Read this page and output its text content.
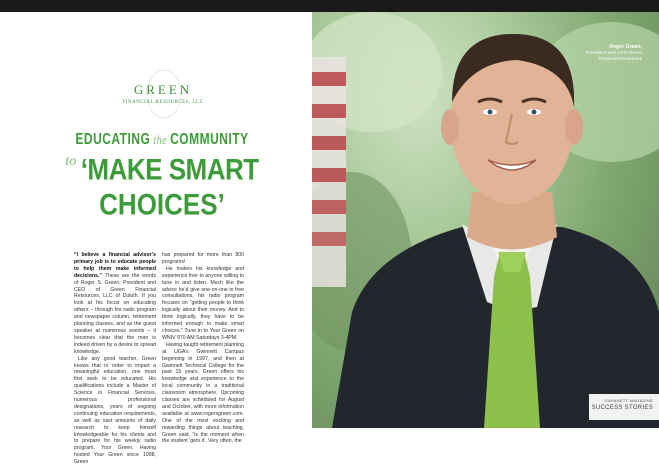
GREEN
FINANCIAL RESOURCES, LLC
EDUCATING the COMMUNITY
to ‘MAKE SMART
CHOICES’

“I believe a financial advisor’s primary job is to educate people to help them make informed decisions.” These are the words of Roger S. Green, President and CEO of Green Financial Resources, LLC of Duluth. If you look at his focus on educating others – through his radio program and newspaper column, retirement planning classes, and as the guest speaker at numerous events – it becomes clear that the man is indeed driven by a desire to spread knowledge.

Like any good teacher, Green knows that in order to impart a meaningful education, one must first seek to be educated. His qualifications include a Master of Science in Financial Services, numerous professional designations, years of ongoing continuing education requirements, as well as vast amounts of daily research to keep himself knowledgeable for his clients and to prepare for his weekly radio program, Your Green. Having hosted Your Green since 1998, Green

has prepared for more than 800 programs!

He makes his knowledge and experience free to anyone willing to tune in and listen. Much like the advice he’d give one-on-one in free consultations, his radio program focuses on “getting people to think logically about their money. And to think logically, they have to be informed enough to make smart choices.” Tune in to Your Green on WNIV 970 AM Saturdays 3-4PM.

Having taught retirement planning at UGA’s Gwinnett Campus beginning in 1997, and then at Gwinnett Technical College for the past 15 years, Green offers his knowledge and experience to the local community in a traditional classroom atmosphere. Upcoming classes are scheduled for August and October, with more information available at www.rogersgreen.com. One of the most exciting and rewarding things about teaching, Green said, “is the moment when the student ‘gets it’. Very often, the

Roger Green,
President and CEO Green Financial Resources
GWINNETT MAGAZINE
SUCCESS STORIES
